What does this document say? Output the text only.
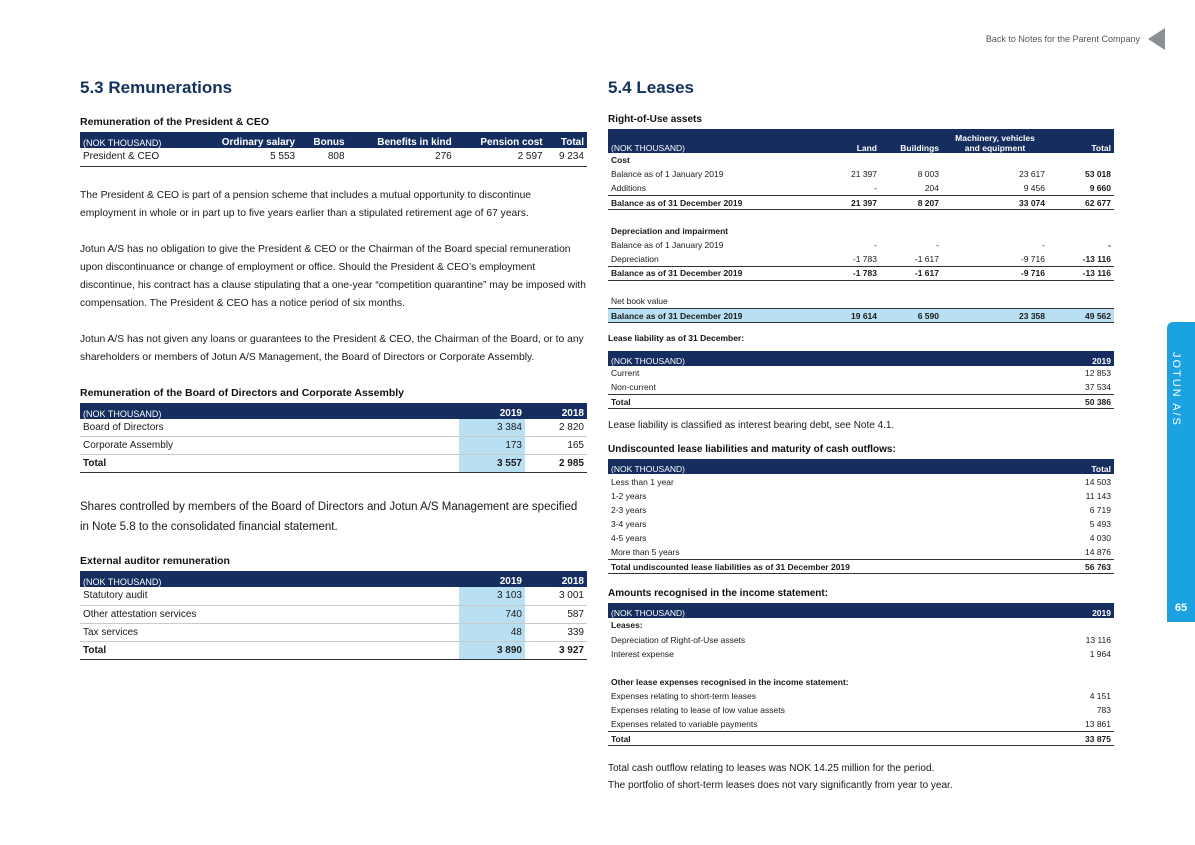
Back to Notes for the Parent Company
JOTUN A/S
65
5.3 Remunerations
Remuneration of the President & CEO
(NOK THOUSAND)	Ordinary salary	Bonus	Benefits in kind	Pension cost	Total
President & CEO	5 553	808	276	2 597	9 234

The President & CEO is part of a pension scheme that includes a mutual opportunity to discontinue employment in whole or in part up to five years earlier than a stipulated retirement age of 67 years.

Jotun A/S has no obligation to give the President & CEO or the Chairman of the Board special remuneration upon discontinuance or change of employment or office. Should the President & CEO’s employment discontinue, his contract has a clause stipulating that a one-year “competition quarantine” may be imposed with compensation. The President & CEO has a notice period of six months.

Jotun A/S has not given any loans or guarantees to the President & CEO, the Chairman of the Board, or to any shareholders or members of Jotun A/S Management, the Board of Directors or Corporate Assembly.

Remuneration of the Board of Directors and Corporate Assembly
(NOK THOUSAND)	2019	2018
Board of Directors	3 384	2 820
Corporate Assembly	173	165
Total	3 557	2 985

Shares controlled by members of the Board of Directors and Jotun A/S Management are specified in Note 5.8 to the consolidated financial statement.

External auditor remuneration
(NOK THOUSAND)	2019	2018
Statutory audit	3 103	3 001
Other attestation services	740	587
Tax services	48	339
Total	3 890	3 927
5.4 Leases
Right-of-Use assets
(NOK THOUSAND)	Land	Buildings	Machinery, vehicles
and equipment	Total
Cost				
Balance as of 1 January 2019	21 397	8 003	23 617	53 018
Additions	-	204	9 456	9 660
Balance as of 31 December 2019	21 397	8 207	33 074	62 677

Depreciation and impairment				
Balance as of 1 January 2019	-	-	-	-
Depreciation	-1 783	-1 617	-9 716	-13 116
Balance as of 31 December 2019	-1 783	-1 617	-9 716	-13 116

Net book value				
Balance as of 31 December 2019	19 614	6 590	23 358	49 562
Lease liability as of 31 December:
(NOK THOUSAND)	2019
Current	12 853
Non-current	37 534
Total	50 386

Lease liability is classified as interest bearing debt, see Note 4.1.

Undiscounted lease liabilities and maturity of cash outflows:
(NOK THOUSAND)	Total
Less than 1 year	14 503
1-2 years	11 143
2-3 years	6 719
3-4 years	5 493
4-5 years	4 030
More than 5 years	14 876
Total undiscounted lease liabilities as of 31 December 2019	56 763
Amounts recognised in the income statement:
(NOK THOUSAND)	2019
Leases:	
Depreciation of Right-of-Use assets	13 116
Interest expense	1 964

Other lease expenses recognised in the income statement:	
Expenses relating to short-term leases	4 151
Expenses relating to lease of low value assets	783
Expenses related to variable payments	13 861
Total	33 875

Total cash outflow relating to leases was NOK 14.25 million for the period.

The portfolio of short-term leases does not vary significantly from year to year.
